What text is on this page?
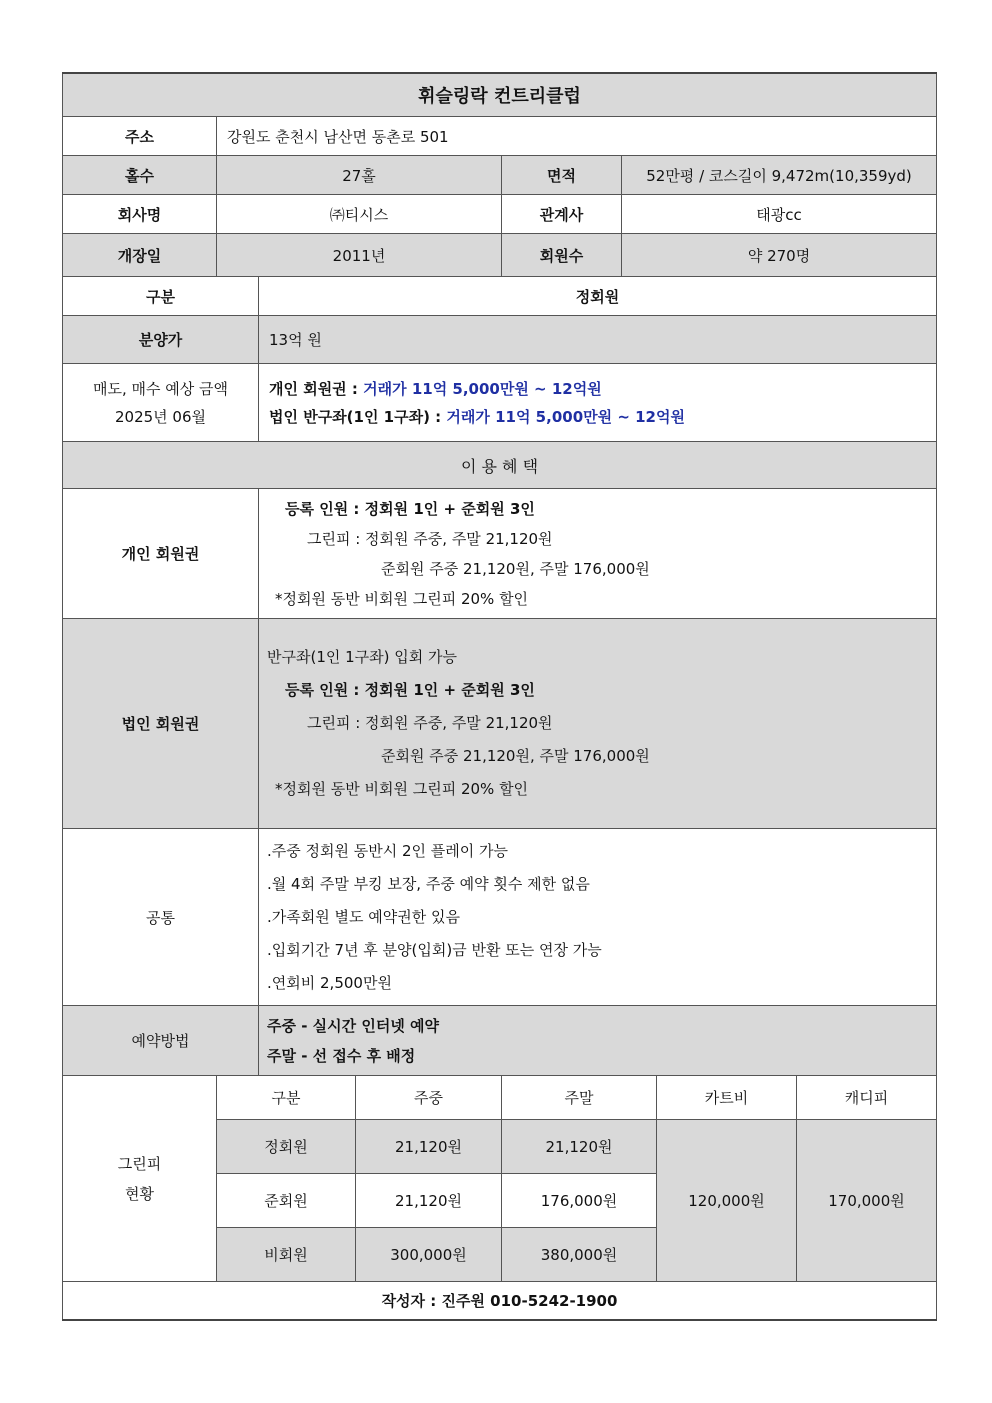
휘슬링락 컨트리클럽			
주소	강원도 춘천시 남산면 동촌로 501		
홀수	27홀	면적	52만평 / 코스길이 9,472m(10,359yd)
회사명	㈜티시스	관계사	태광cc
개장일	2011년	회원수	약 270명
구분	정회원
분양가	13억 원

매도, 매수 예상 금액
2025년 06월	개인 회원권 : 거래가 11억 5,000만원 ~ 12억원
법인 반구좌(1인 1구좌) : 거래가 11억 5,000만원 ~ 12억원

이 용 혜 택	
개인 회원권	등록 인원 : 정회원 1인 + 준회원 3인
그린피 : 정회원 주중, 주말 21,120원
준회원 주중 21,120원, 주말 176,000원
*정회원 동반 비회원 그린피 20% 할인

법인 회원권	반구좌(1인 1구좌) 입회 가능
등록 인원 : 정회원 1인 + 준회원 3인
그린피 : 정회원 주중, 주말 21,120원
준회원 주중 21,120원, 주말 176,000원
*정회원 동반 비회원 그린피 20% 할인

공통	.주중 정회원 동반시 2인 플레이 가능
.월 4회 주말 부킹 보장, 주중 예약 횟수 제한 없음
.가족회원 별도 예약권한 있음
.입회기간 7년 후 분양(입회)금 반환 또는 연장 가능
.연회비 2,500만원

예약방법	주중 - 실시간 인터넷 예약
주말 - 선 접수 후 배정
그린피
현황	구분	주중	주말	카트비	캐디피
	정회원	21,120원	21,120원	120,000원	170,000원
	준회원	21,120원	176,000원		
	비회원	300,000원	380,000원		
작성자 : 진주원 010-5242-1900					
